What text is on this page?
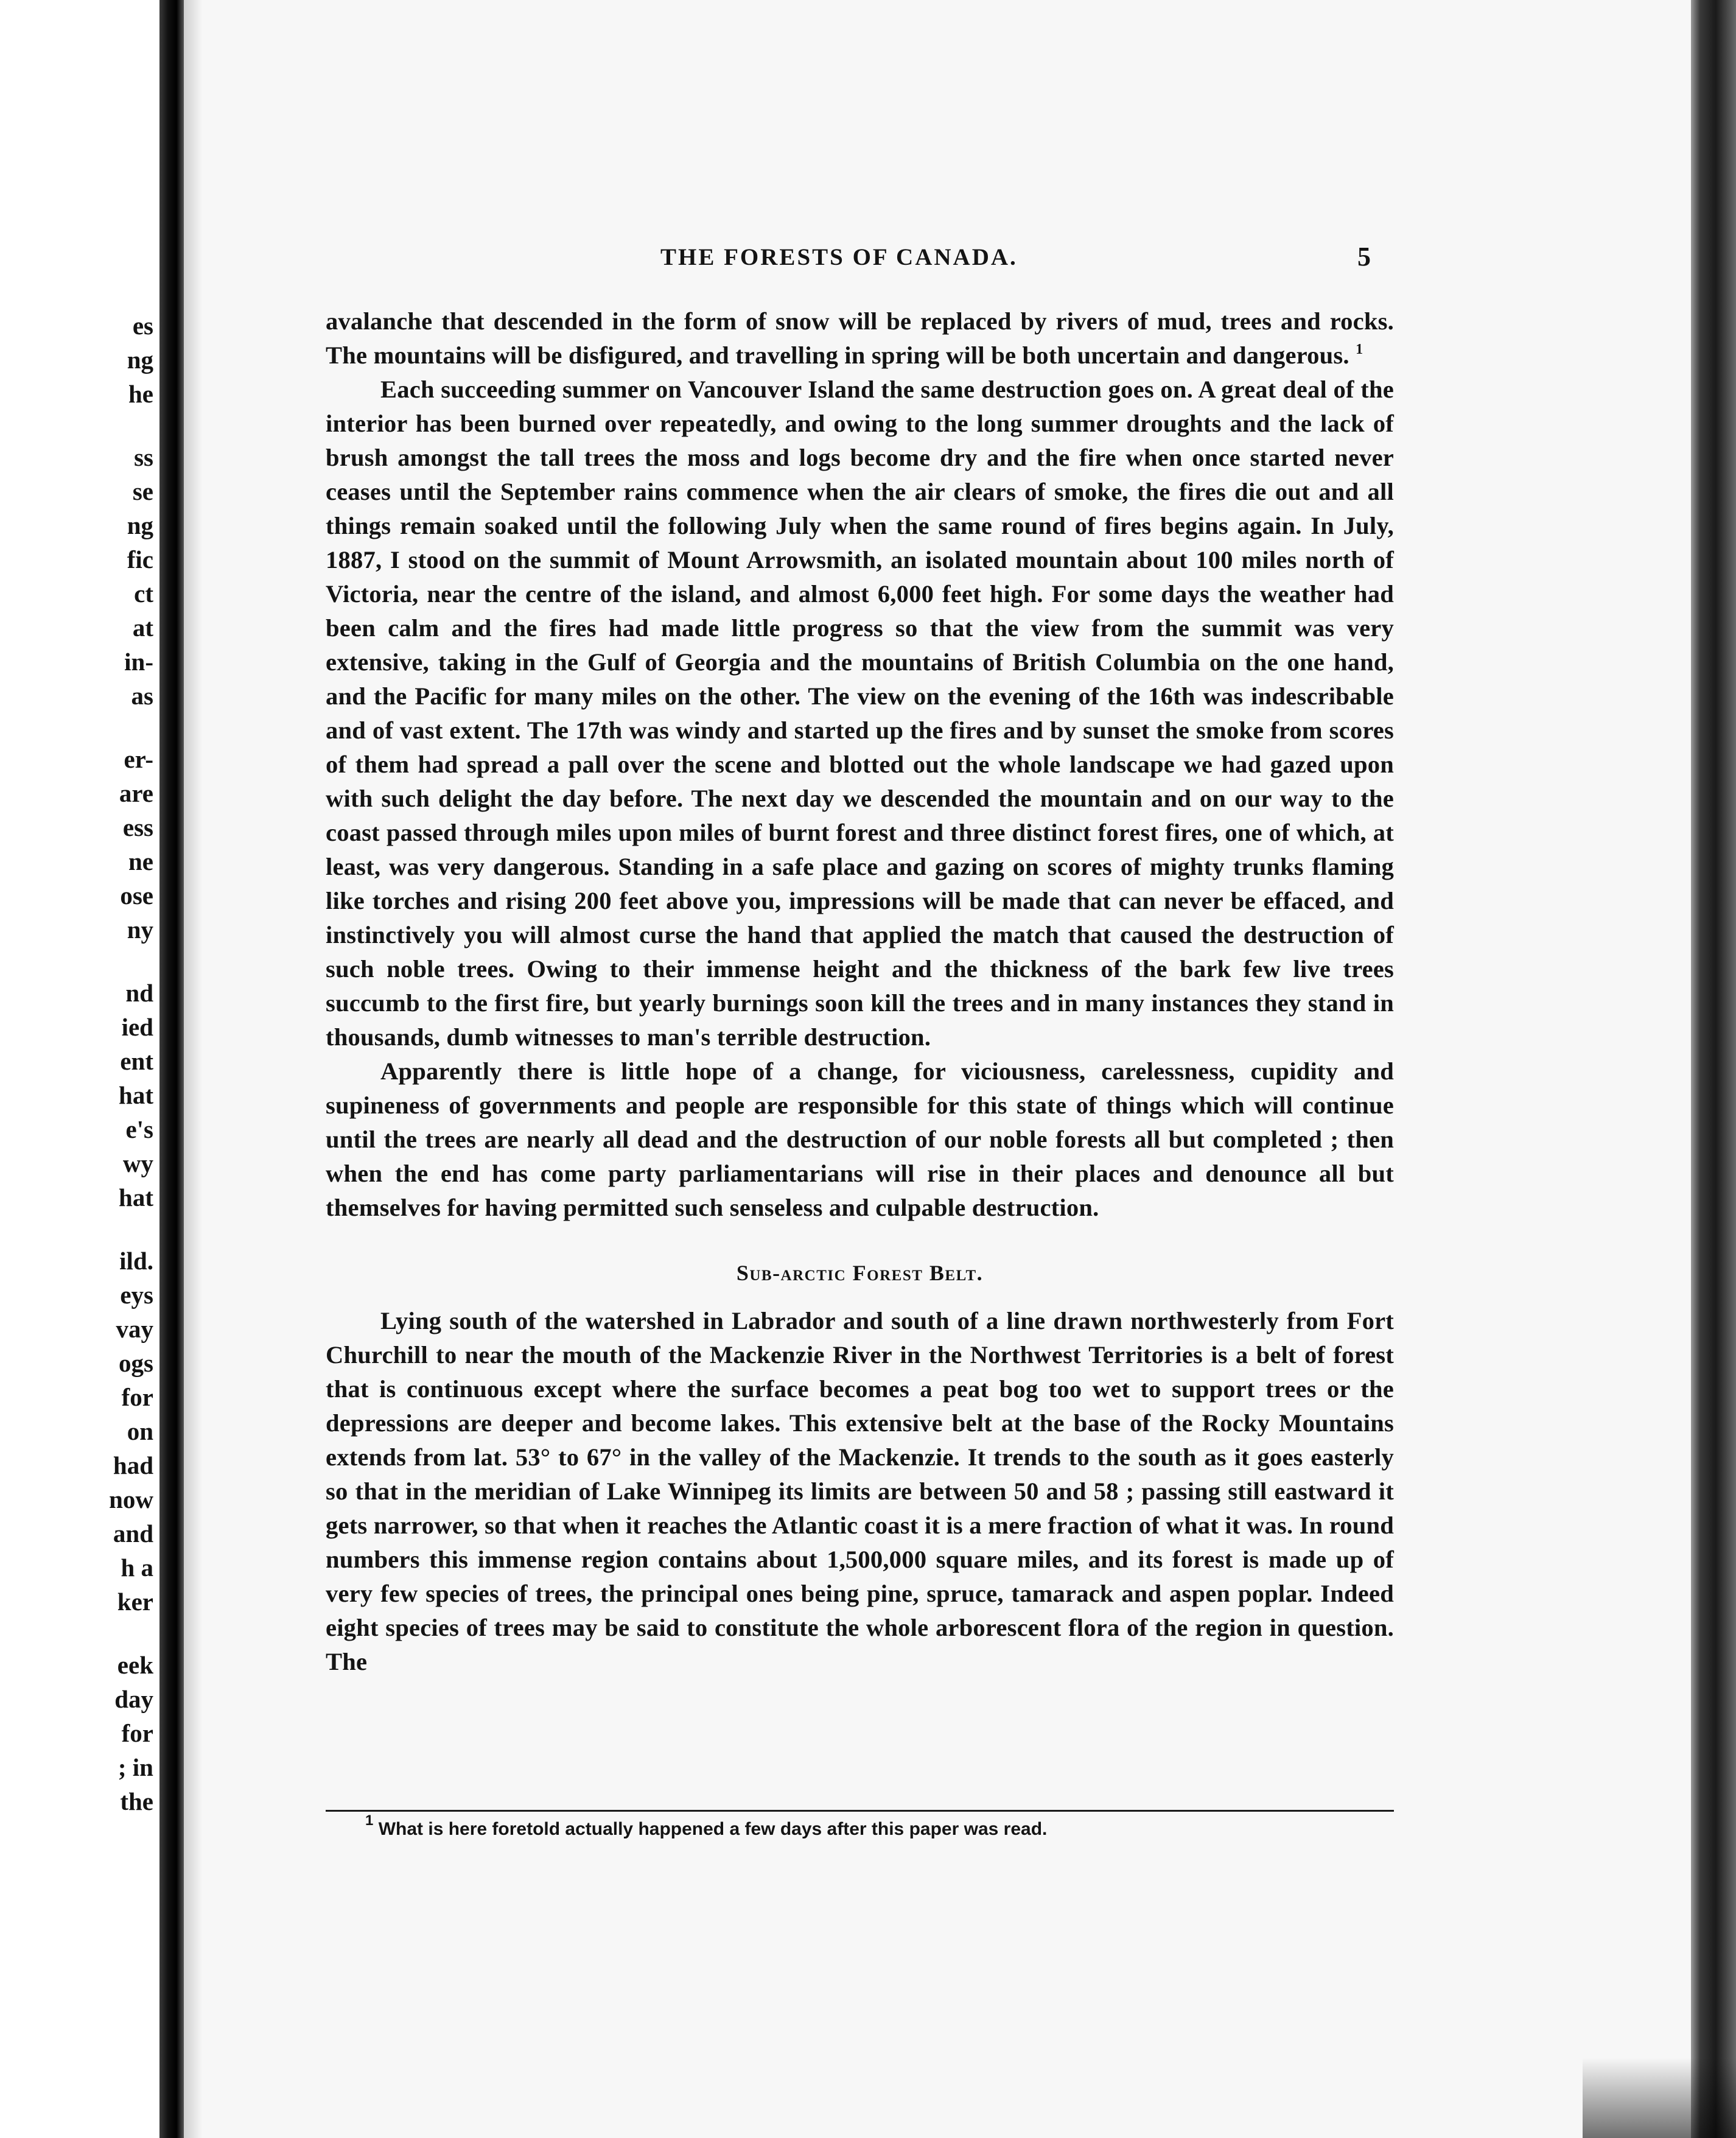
es
ng
he
ss
se
ng
fic
ct
at
in-
as
er-
are
ess
ne
ose
ny
nd
ied
ent
hat
e's
wy
hat
ild.
eys
vay
ogs
for
on
had
now
and
h a
ker
eek
day
for
; in
the
THE FORESTS OF CANADA.	5

avalanche that descended in the form of snow will be replaced by rivers of mud, trees and rocks. The mountains will be disfigured, and travelling in spring will be both uncertain and dangerous. $^1$

Each succeeding summer on Vancouver Island the same destruction goes on. A great deal of the interior has been burned over repeatedly, and owing to the long summer droughts and the lack of brush amongst the tall trees the moss and logs become dry and the fire when once started never ceases until the September rains commence when the air clears of smoke, the fires die out and all things remain soaked until the following July when the same round of fires begins again. In July, 1887, I stood on the summit of Mount Arrowsmith, an isolated mountain about 100 miles north of Victoria, near the centre of the island, and almost 6,000 feet high. For some days the weather had been calm and the fires had made little progress so that the view from the summit was very extensive, taking in the Gulf of Georgia and the mountains of British Columbia on the one hand, and the Pacific for many miles on the other. The view on the evening of the 16th was indescribable and of vast extent. The 17th was windy and started up the fires and by sunset the smoke from scores of them had spread a pall over the scene and blotted out the whole landscape we had gazed upon with such delight the day before. The next day we descended the mountain and on our way to the coast passed through miles upon miles of burnt forest and three distinct forest fires, one of which, at least, was very dangerous. Standing in a safe place and gazing on scores of mighty trunks flaming like torches and rising 200 feet above you, impressions will be made that can never be effaced, and instinctively you will almost curse the hand that applied the match that caused the destruction of such noble trees. Owing to their immense height and the thickness of the bark few live trees succumb to the first fire, but yearly burnings soon kill the trees and in many instances they stand in thousands, dumb witnesses to man's terrible destruction.

Apparently there is little hope of a change, for viciousness, carelessness, cupidity and supineness of governments and people are responsible for this state of things which will continue until the trees are nearly all dead and the destruction of our noble forests all but completed ; then when the end has come party parliamentarians will rise in their places and denounce all but themselves for having permitted such senseless and culpable destruction.

Sub-arctic Forest Belt.

Lying south of the watershed in Labrador and south of a line drawn northwesterly from Fort Churchill to near the mouth of the Mackenzie River in the Northwest Territories is a belt of forest that is continuous except where the surface becomes a peat bog too wet to support trees or the depressions are deeper and become lakes. This extensive belt at the base of the Rocky Mountains extends from lat. 53° to 67° in the valley of the Mackenzie. It trends to the south as it goes easterly so that in the meridian of Lake Winnipeg its limits are between 50 and 58 ; passing still eastward it gets narrower, so that when it reaches the Atlantic coast it is a mere fraction of what it was. In round numbers this immense region contains about 1,500,000 square miles, and its forest is made up of very few species of trees, the principal ones being pine, spruce, tamarack and aspen poplar. Indeed eight species of trees may be said to constitute the whole arborescent flora of the region in question. The

$^1$ What is here foretold actually happened a few days after this paper was read.
